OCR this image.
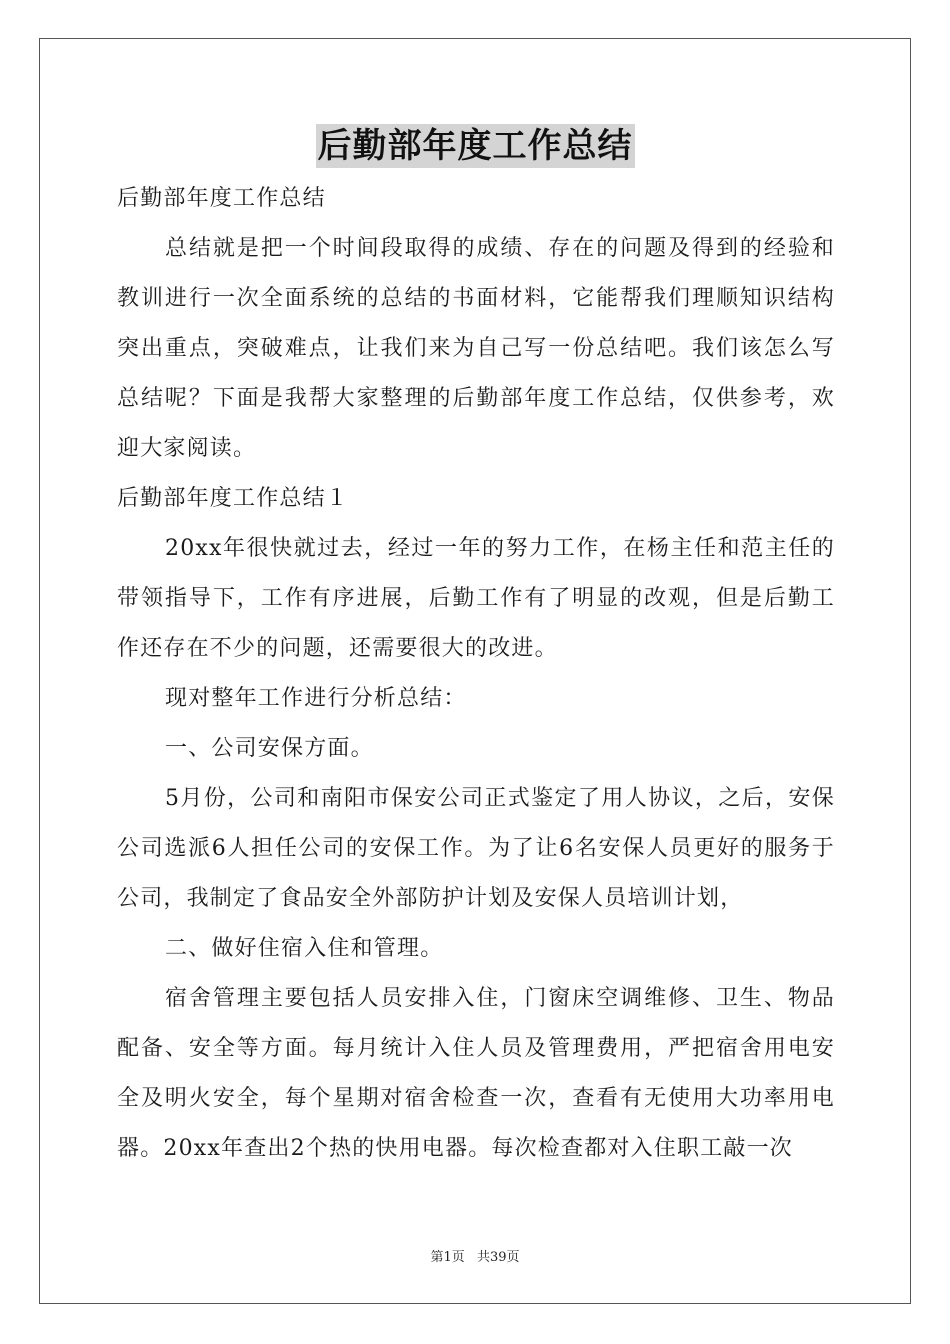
后勤部年度工作总结

后勤部年度工作总结

总结就是把一个时间段取得的成绩、存在的问题及得到的经验和教训进行一次全面系统的总结的书面材料，它能帮我们理顺知识结构突出重点，突破难点，让我们来为自己写一份总结吧。我们该怎么写总结呢？下面是我帮大家整理的后勤部年度工作总结，仅供参考，欢迎大家阅读。

后勤部年度工作总结１

20xx年很快就过去，经过一年的努力工作，在杨主任和范主任的带领指导下，工作有序进展，后勤工作有了明显的改观，但是后勤工作还存在不少的问题，还需要很大的改进。

现对整年工作进行分析总结：

一、公司安保方面。

5月份，公司和南阳市保安公司正式鉴定了用人协议，之后，安保公司选派6人担任公司的安保工作。为了让6名安保人员更好的服务于公司，我制定了食品安全外部防护计划及安保人员培训计划，

二、做好住宿入住和管理。

宿舍管理主要包括人员安排入住，门窗床空调维修、卫生、物品配备、安全等方面。每月统计入住人员及管理费用，严把宿舍用电安全及明火安全，每个星期对宿舍检查一次，查看有无使用大功率用电器。20xx年查出2个热的快用电器。每次检查都对入住职工敲一次

第1页 共39页
